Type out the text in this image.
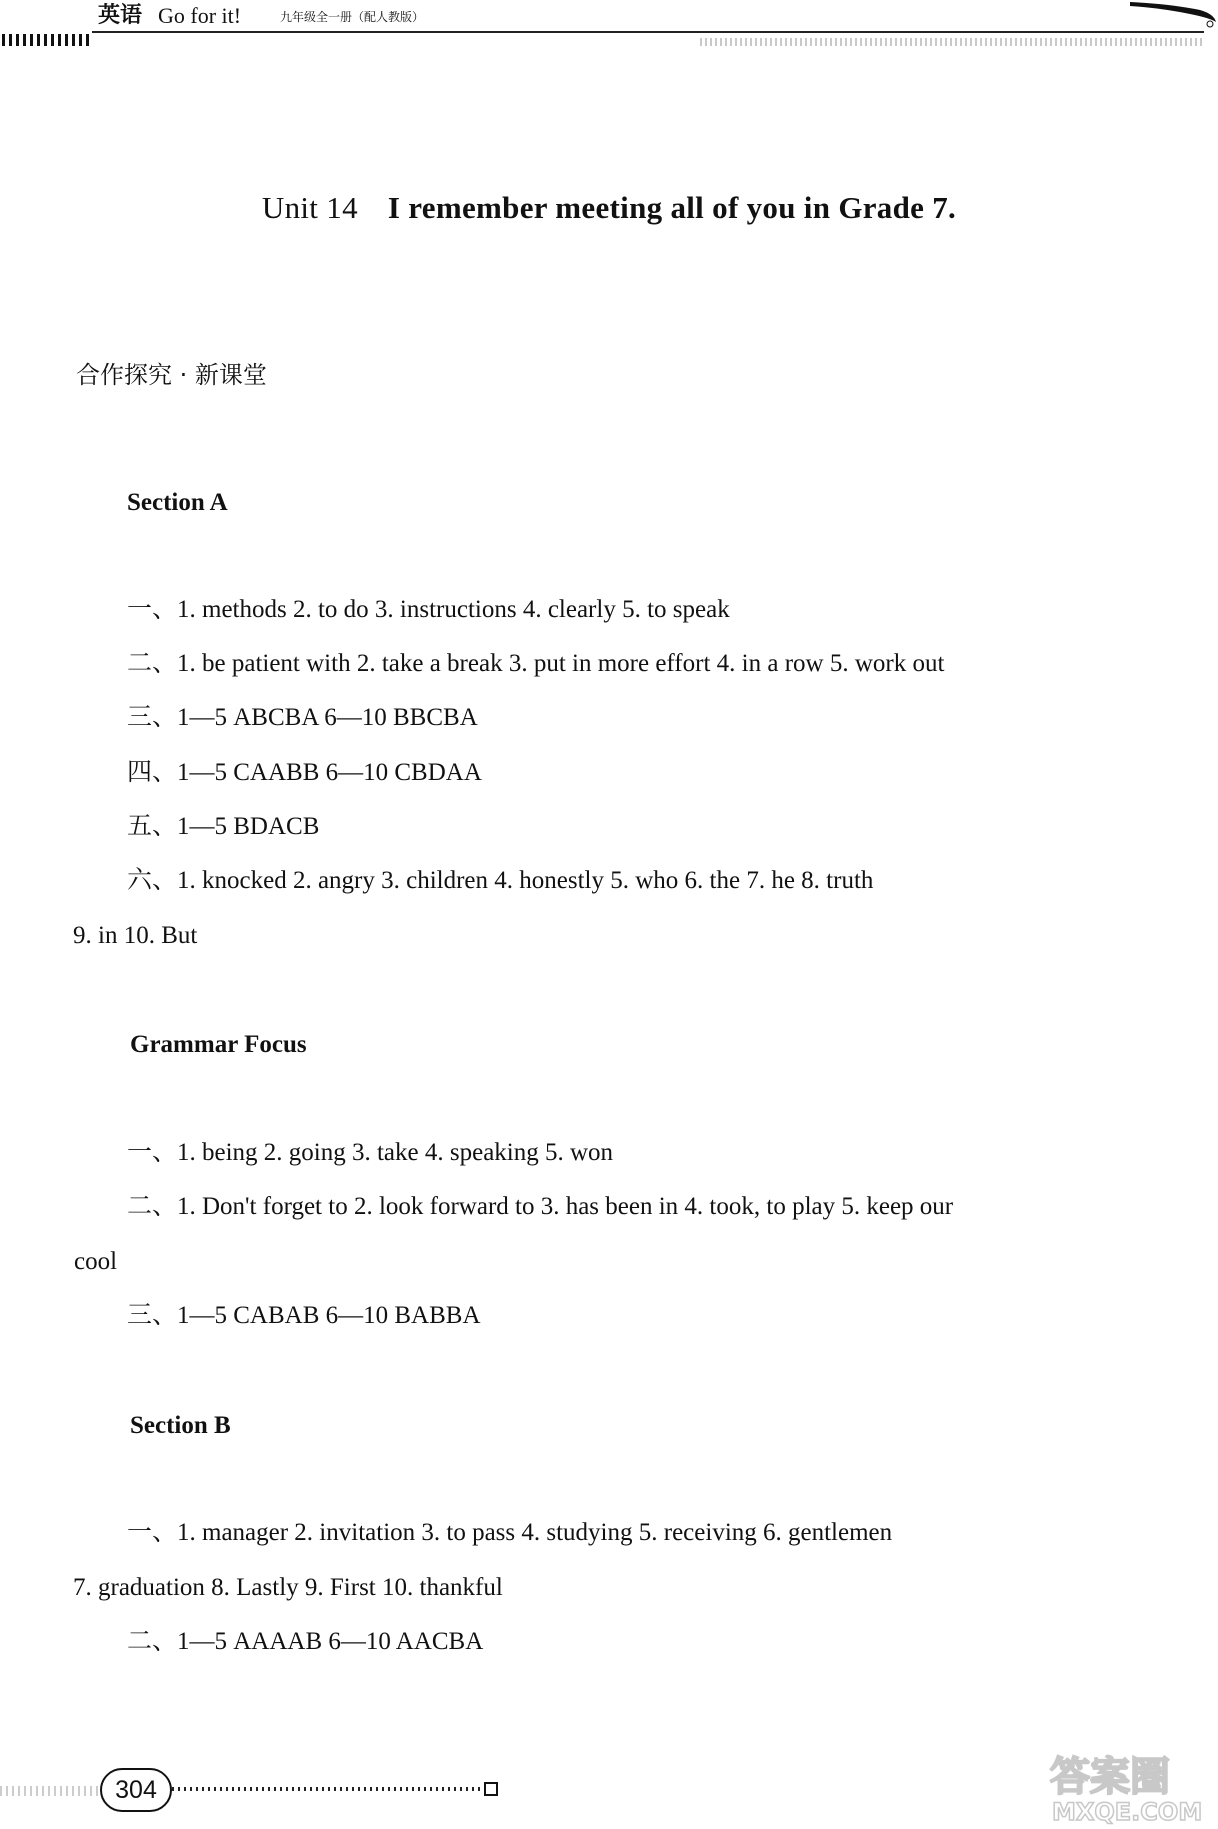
英语 Go for it!	九年级全一册（配人教版）
Unit 14 I remember meeting all of you in Grade 7.
合作探究 · 新课堂
Section A
一、1. methods 2. to do 3. instructions 4. clearly 5. to speak
二、1. be patient with 2. take a break 3. put in more effort 4. in a row 5. work out
三、1—5 ABCBA 6—10 BBCBA
四、1—5 CAABB 6—10 CBDAA
五、1—5 BDACB
六、1. knocked 2. angry 3. children 4. honestly 5. who 6. the 7. he 8. truth
9. in 10. But
Grammar Focus
一、1. being 2. going 3. take 4. speaking 5. won
二、1. Don't forget to 2. look forward to 3. has been in 4. took, to play 5. keep our
cool
三、1—5 CABAB 6—10 BABBA
Section B
一、1. manager 2. invitation 3. to pass 4. studying 5. receiving 6. gentlemen
7. graduation 8. Lastly 9. First 10. thankful
二、1—5 AAAAB 6—10 AACBA
304	答案圈
MXQE.COM
